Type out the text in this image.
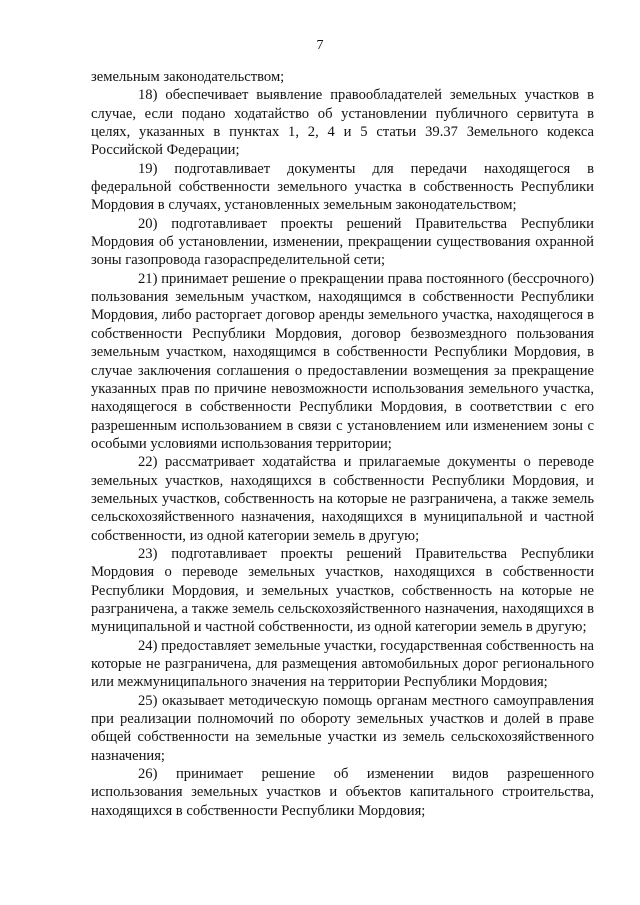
7

земельным законодательством;

18) обеспечивает выявление правообладателей земельных участков в случае, если подано ходатайство об установлении публичного сервитута в целях, указанных в пунктах 1, 2, 4 и 5 статьи 39.37 Земельного кодекса Российской Федерации;

19) подготавливает документы для передачи находящегося в федеральной собственности земельного участка в собственность Республики Мордовия в случаях, установленных земельным законодательством;

20) подготавливает проекты решений Правительства Республики Мордовия об установлении, изменении, прекращении существования охранной зоны газопровода газораспределительной сети;

21) принимает решение о прекращении права постоянного (бессрочного) пользования земельным участком, находящимся в собственности Республики Мордовия, либо расторгает договор аренды земельного участка, находящегося в собственности Республики Мордовия, договор безвозмездного пользования земельным участком, находящимся в собственности Республики Мордовия, в случае заключения соглашения о предоставлении возмещения за прекращение указанных прав по причине невозможности использования земельного участка, находящегося в собственности Республики Мордовия, в соответствии с его разрешенным использованием в связи с установлением или изменением зоны с особыми условиями использования территории;

22) рассматривает ходатайства и прилагаемые документы о переводе земельных участков, находящихся в собственности Республики Мордовия, и земельных участков, собственность на которые не разграничена, а также земель сельскохозяйственного назначения, находящихся в муниципальной и частной собственности, из одной категории земель в другую;

23) подготавливает проекты решений Правительства Республики Мордовия о переводе земельных участков, находящихся в собственности Республики Мордовия, и земельных участков, собственность на которые не разграничена, а также земель сельскохозяйственного назначения, находящихся в муниципальной и частной собственности, из одной категории земель в другую;

24) предоставляет земельные участки, государственная собственность на которые не разграничена, для размещения автомобильных дорог регионального или межмуниципального значения на территории Республики Мордовия;

25) оказывает методическую помощь органам местного самоуправления при реализации полномочий по обороту земельных участков и долей в праве общей собственности на земельные участки из земель сельскохозяйственного назначения;

26) принимает решение об изменении видов разрешенного использования земельных участков и объектов капитального строительства, находящихся в собственности Республики Мордовия;
